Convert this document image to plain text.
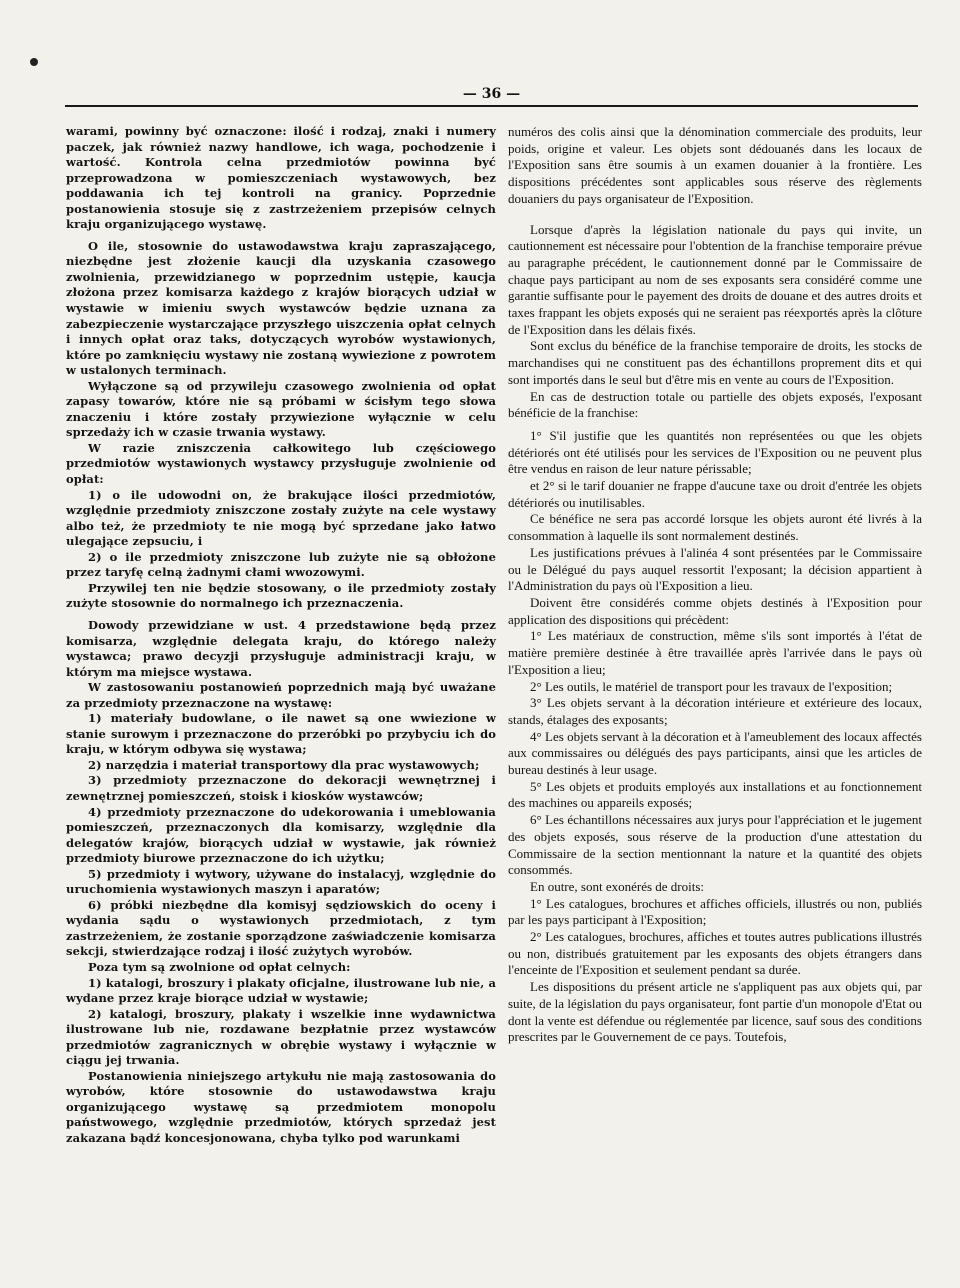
— 36 —

warami, powinny być oznaczone: ilość i rodzaj, znaki i numery paczek, jak również nazwy handlowe, ich waga, pochodzenie i wartość. Kontrola celna przedmiotów powinna być przeprowadzona w pomieszczeniach wystawowych, bez poddawania ich tej kontroli na granicy. Poprzednie postanowienia stosuje się z zastrzeżeniem przepisów celnych kraju organizującego wystawę.

O ile, stosownie do ustawodawstwa kraju zapraszającego, niezbędne jest złożenie kaucji dla uzyskania czasowego zwolnienia, przewidzianego w poprzednim ustępie, kaucja złożona przez komisarza każdego z krajów biorących udział w wystawie w imieniu swych wystawców będzie uznana za zabezpieczenie wystarczające przyszłego uiszczenia opłat celnych i innych opłat oraz taks, dotyczących wyrobów wystawionych, które po zamknięciu wystawy nie zostaną wywiezione z powrotem w ustalonych terminach.

Wyłączone są od przywileju czasowego zwolnienia od opłat zapasy towarów, które nie są próbami w ścisłym tego słowa znaczeniu i które zostały przywiezione wyłącznie w celu sprzedaży ich w czasie trwania wystawy.

W razie zniszczenia całkowitego lub częściowego przedmiotów wystawionych wystawcy przysługuje zwolnienie od opłat:

1) o ile udowodni on, że brakujące ilości przedmiotów, względnie przedmioty zniszczone zostały zużyte na cele wystawy albo też, że przedmioty te nie mogą być sprzedane jako łatwo ulegające zepsuciu, i

2) o ile przedmioty zniszczone lub zużyte nie są obłożone przez taryfę celną żadnymi cłami wwozowymi.

Przywilej ten nie będzie stosowany, o ile przedmioty zostały zużyte stosownie do normalnego ich przeznaczenia.

Dowody przewidziane w ust. 4 przedstawione będą przez komisarza, względnie delegata kraju, do którego należy wystawca; prawo decyzji przysługuje administracji kraju, w którym ma miejsce wystawa.

W zastosowaniu postanowień poprzednich mają być uważane za przedmioty przeznaczone na wystawę:

1) materiały budowlane, o ile nawet są one wwiezione w stanie surowym i przeznaczone do przeróbki po przybyciu ich do kraju, w którym odbywa się wystawa;

2) narzędzia i materiał transportowy dla prac wystawowych;

3) przedmioty przeznaczone do dekoracji wewnętrznej i zewnętrznej pomieszczeń, stoisk i kiosków wystawców;

4) przedmioty przeznaczone do udekorowania i umeblowania pomieszczeń, przeznaczonych dla komisarzy, względnie dla delegatów krajów, biorących udział w wystawie, jak również przedmioty biurowe przeznaczone do ich użytku;

5) przedmioty i wytwory, używane do instalacyj, względnie do uruchomienia wystawionych maszyn i aparatów;

6) próbki niezbędne dla komisyj sędziowskich do oceny i wydania sądu o wystawionych przedmiotach, z tym zastrzeżeniem, że zostanie sporządzone zaświadczenie komisarza sekcji, stwierdzające rodzaj i ilość zużytych wyrobów.

Poza tym są zwolnione od opłat celnych:

1) katalogi, broszury i plakaty oficjalne, ilustrowane lub nie, a wydane przez kraje biorące udział w wystawie;

2) katalogi, broszury, plakaty i wszelkie inne wydawnictwa ilustrowane lub nie, rozdawane bezpłatnie przez wystawców przedmiotów zagranicznych w obrębie wystawy i wyłącznie w ciągu jej trwania.

Postanowienia niniejszego artykułu nie mają zastosowania do wyrobów, które stosownie do ustawodawstwa kraju organizującego wystawę są przedmiotem monopolu państwowego, względnie przedmiotów, których sprzedaż jest zakazana bądź koncesjonowana, chyba tylko pod warunkami

numéros des colis ainsi que la dénomination commerciale des produits, leur poids, origine et valeur. Les objets sont dédouanés dans les locaux de l'Exposition sans être soumis à un examen douanier à la frontière. Les dispositions précédentes sont applicables sous réserve des règlements douaniers du pays organisateur de l'Exposition.

Lorsque d'après la législation nationale du pays qui invite, un cautionnement est nécessaire pour l'obtention de la franchise temporaire prévue au paragraphe précédent, le cautionnement donné par le Commissaire de chaque pays participant au nom de ses exposants sera considéré comme une garantie suffisante pour le payement des droits de douane et des autres droits et taxes frappant les objets exposés qui ne seraient pas réexportés après la clôture de l'Exposition dans les délais fixés.

Sont exclus du bénéfice de la franchise temporaire de droits, les stocks de marchandises qui ne constituent pas des échantillons proprement dits et qui sont importés dans le seul but d'être mis en vente au cours de l'Exposition.

En cas de destruction totale ou partielle des objets exposés, l'exposant bénéficie de la franchise:

1° S'il justifie que les quantités non représentées ou que les objets détériorés ont été utilisés pour les services de l'Exposition ou ne peuvent plus être vendus en raison de leur nature périssable;

et 2° si le tarif douanier ne frappe d'aucune taxe ou droit d'entrée les objets détériorés ou inutilisables.

Ce bénéfice ne sera pas accordé lorsque les objets auront été livrés à la consommation à laquelle ils sont normalement destinés.

Les justifications prévues à l'alinéa 4 sont présentées par le Commissaire ou le Délégué du pays auquel ressortit l'exposant; la décision appartient à l'Administration du pays où l'Exposition a lieu.

Doivent être considérés comme objets destinés à l'Exposition pour application des dispositions qui précèdent:

1° Les matériaux de construction, même s'ils sont importés à l'état de matière première destinée à être travaillée après l'arrivée dans le pays où l'Exposition a lieu;

2° Les outils, le matériel de transport pour les travaux de l'exposition;

3° Les objets servant à la décoration intérieure et extérieure des locaux, stands, étalages des exposants;

4° Les objets servant à la décoration et à l'ameublement des locaux affectés aux commissaires ou délégués des pays participants, ainsi que les articles de bureau destinés à leur usage.

5° Les objets et produits employés aux installations et au fonctionnement des machines ou appareils exposés;

6° Les échantillons nécessaires aux jurys pour l'appréciation et le jugement des objets exposés, sous réserve de la production d'une attestation du Commissaire de la section mentionnant la nature et la quantité des objets consommés.

En outre, sont exonérés de droits:

1° Les catalogues, brochures et affiches officiels, illustrés ou non, publiés par les pays participant à l'Exposition;

2° Les catalogues, brochures, affiches et toutes autres publications illustrés ou non, distribués gratuitement par les exposants des objets étrangers dans l'enceinte de l'Exposition et seulement pendant sa durée.

Les dispositions du présent article ne s'appliquent pas aux objets qui, par suite, de la législation du pays organisateur, font partie d'un monopole d'Etat ou dont la vente est défendue ou réglementée par licence, sauf sous des conditions prescrites par le Gouvernement de ce pays. Toutefois,
